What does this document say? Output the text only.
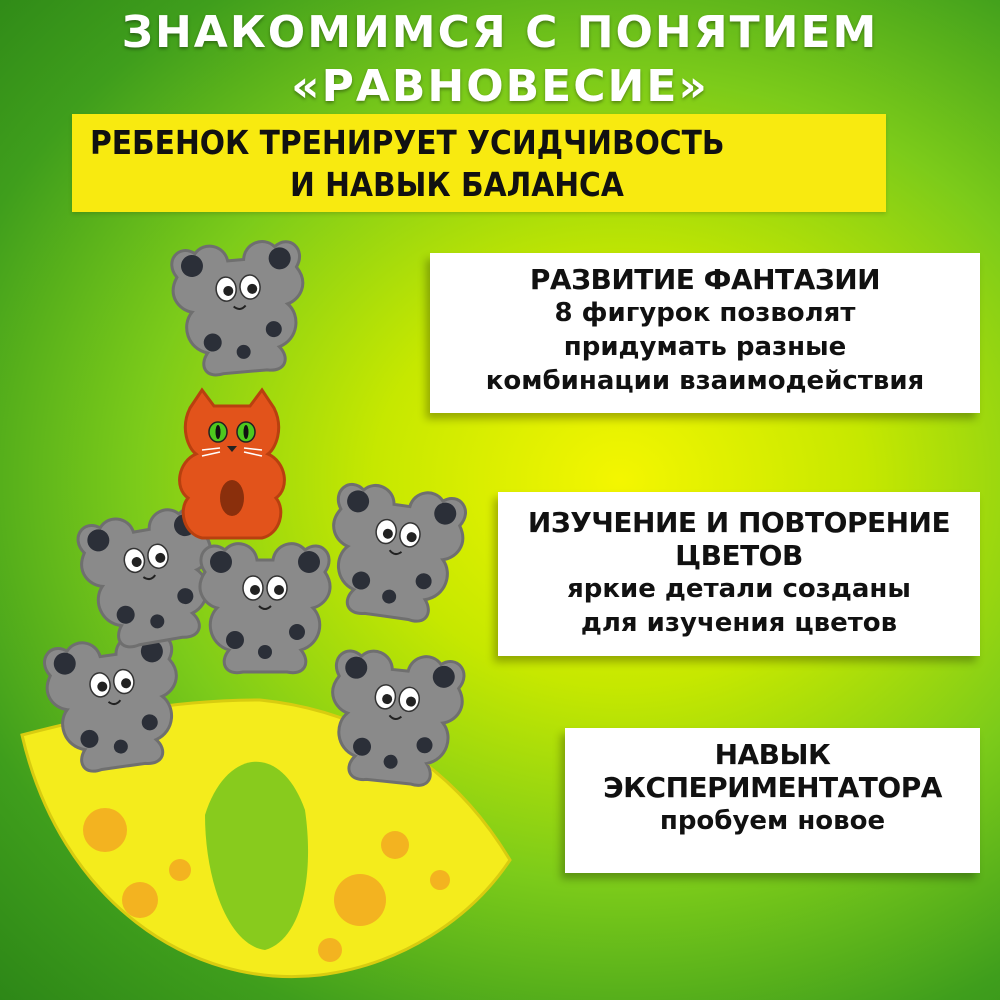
ЗНАКОМИМСЯ С ПОНЯТИЕМ
«РАВНОВЕСИЕ»
РЕБЕНОК ТРЕНИРУЕТ УСИДЧИВОСТЬ
И НАВЫК БАЛАНСА
РАЗВИТИЕ ФАНТАЗИИ
8 фигурок позволят
придумать разные
комбинации взаимодействия
ИЗУЧЕНИЕ И ПОВТОРЕНИЕ
ЦВЕТОВ
яркие детали созданы
для изучения цветов
НАВЫК
ЭКСПЕРИМЕНТАТОРА
пробуем новое
